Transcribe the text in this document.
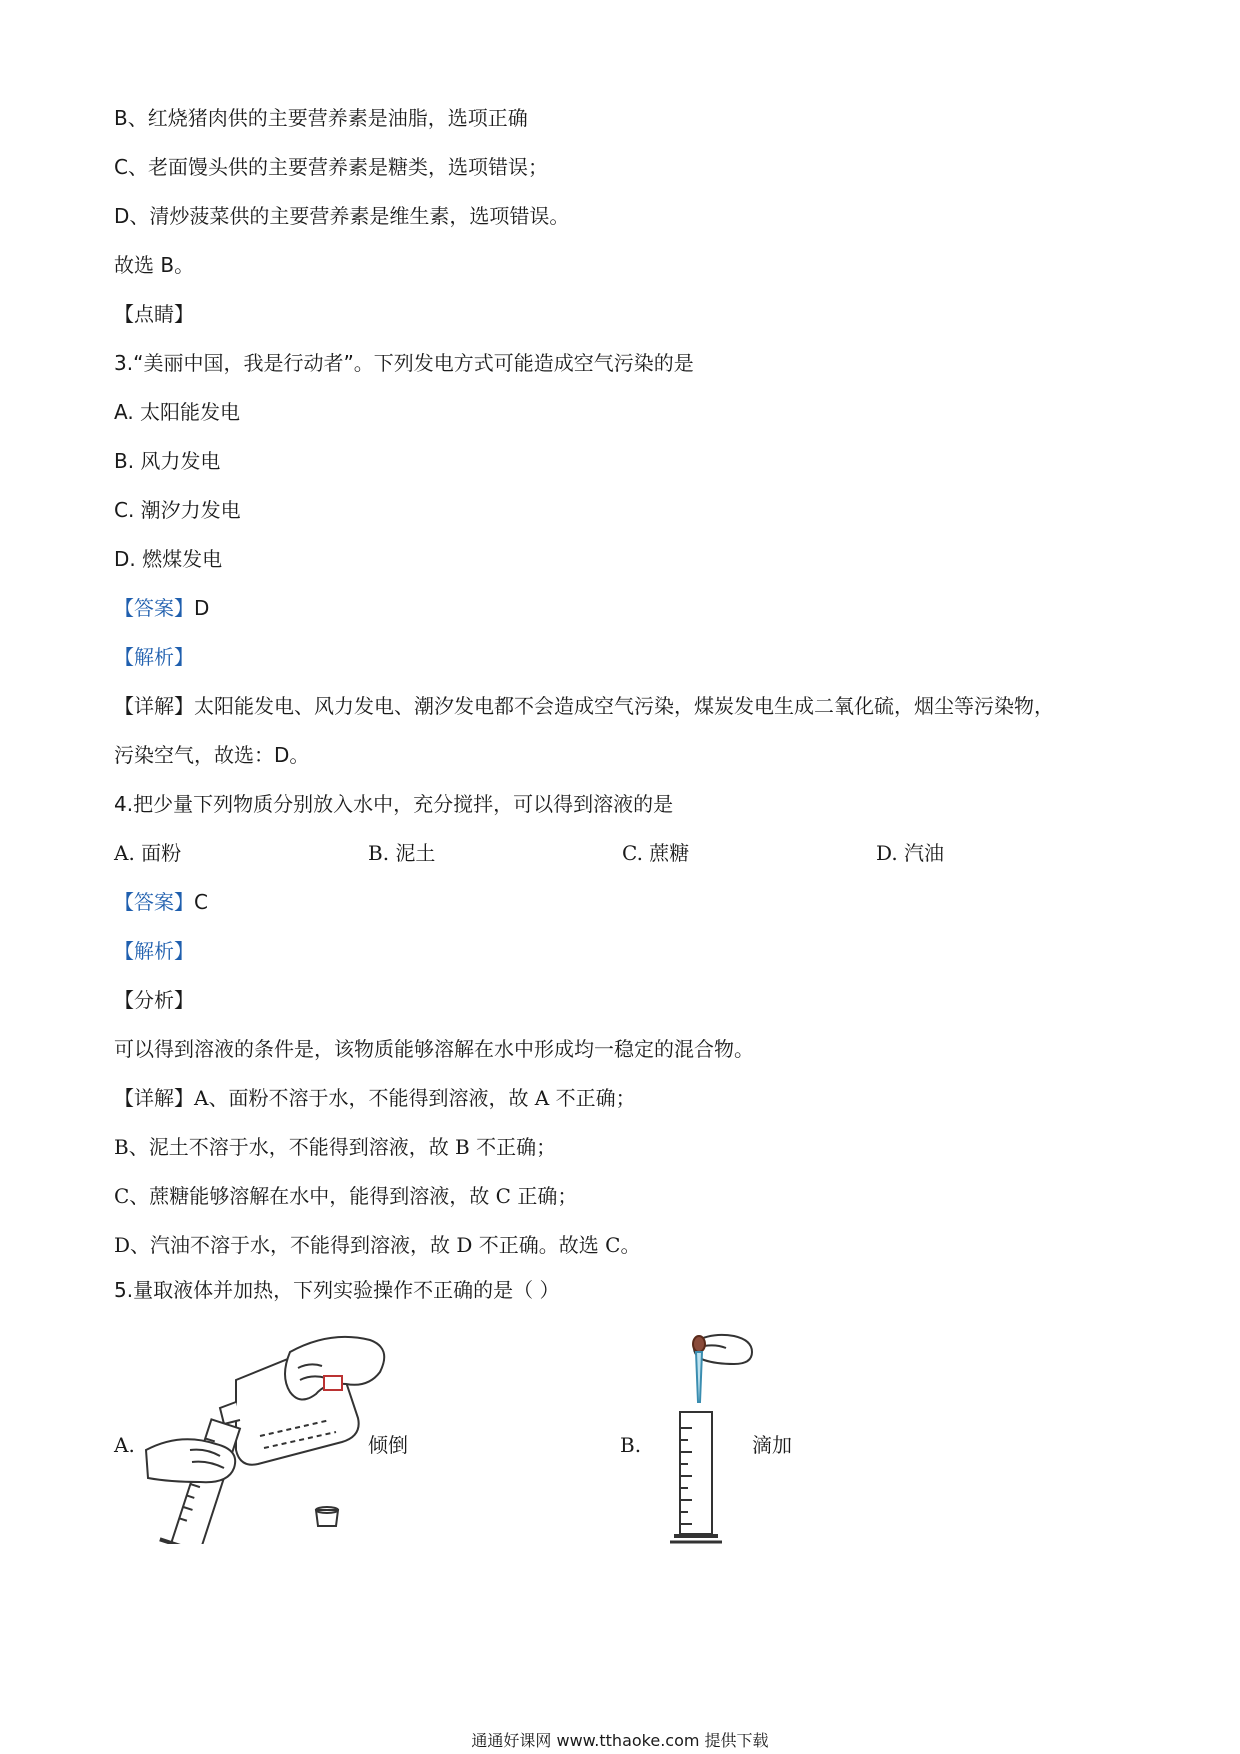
B、红烧猪肉供的主要营养素是油脂，选项正确
C、老面馒头供的主要营养素是糖类，选项错误；
D、清炒菠菜供的主要营养素是维生素，选项错误。
故选 B。
【点睛】
3.“美丽中国，我是行动者”。下列发电方式可能造成空气污染的是
A. 太阳能发电
B. 风力发电
C. 潮汐力发电
D. 燃煤发电
【答案】D
【解析】
【详解】太阳能发电、风力发电、潮汐发电都不会造成空气污染，煤炭发电生成二氧化硫，烟尘等污染物，
污染空气，故选：D。
4.把少量下列物质分别放入水中，充分搅拌，可以得到溶液的是
A. 面粉	B. 泥土	C. 蔗糖	D. 汽油
【答案】C
【解析】
【分析】
可以得到溶液的条件是，该物质能够溶解在水中形成均一稳定的混合物。
【详解】A、面粉不溶于水，不能得到溶液，故 A 不正确；
B、泥土不溶于水，不能得到溶液，故 B 不正确；
C、蔗糖能够溶解在水中，能得到溶液，故 C 正确；
D、汽油不溶于水，不能得到溶液，故 D 不正确。故选 C。
5.量取液体并加热，下列实验操作不正确的是（ ）
A.	倾倒	B.	滴加
通通好课网 www.tthaoke.com 提供下载
